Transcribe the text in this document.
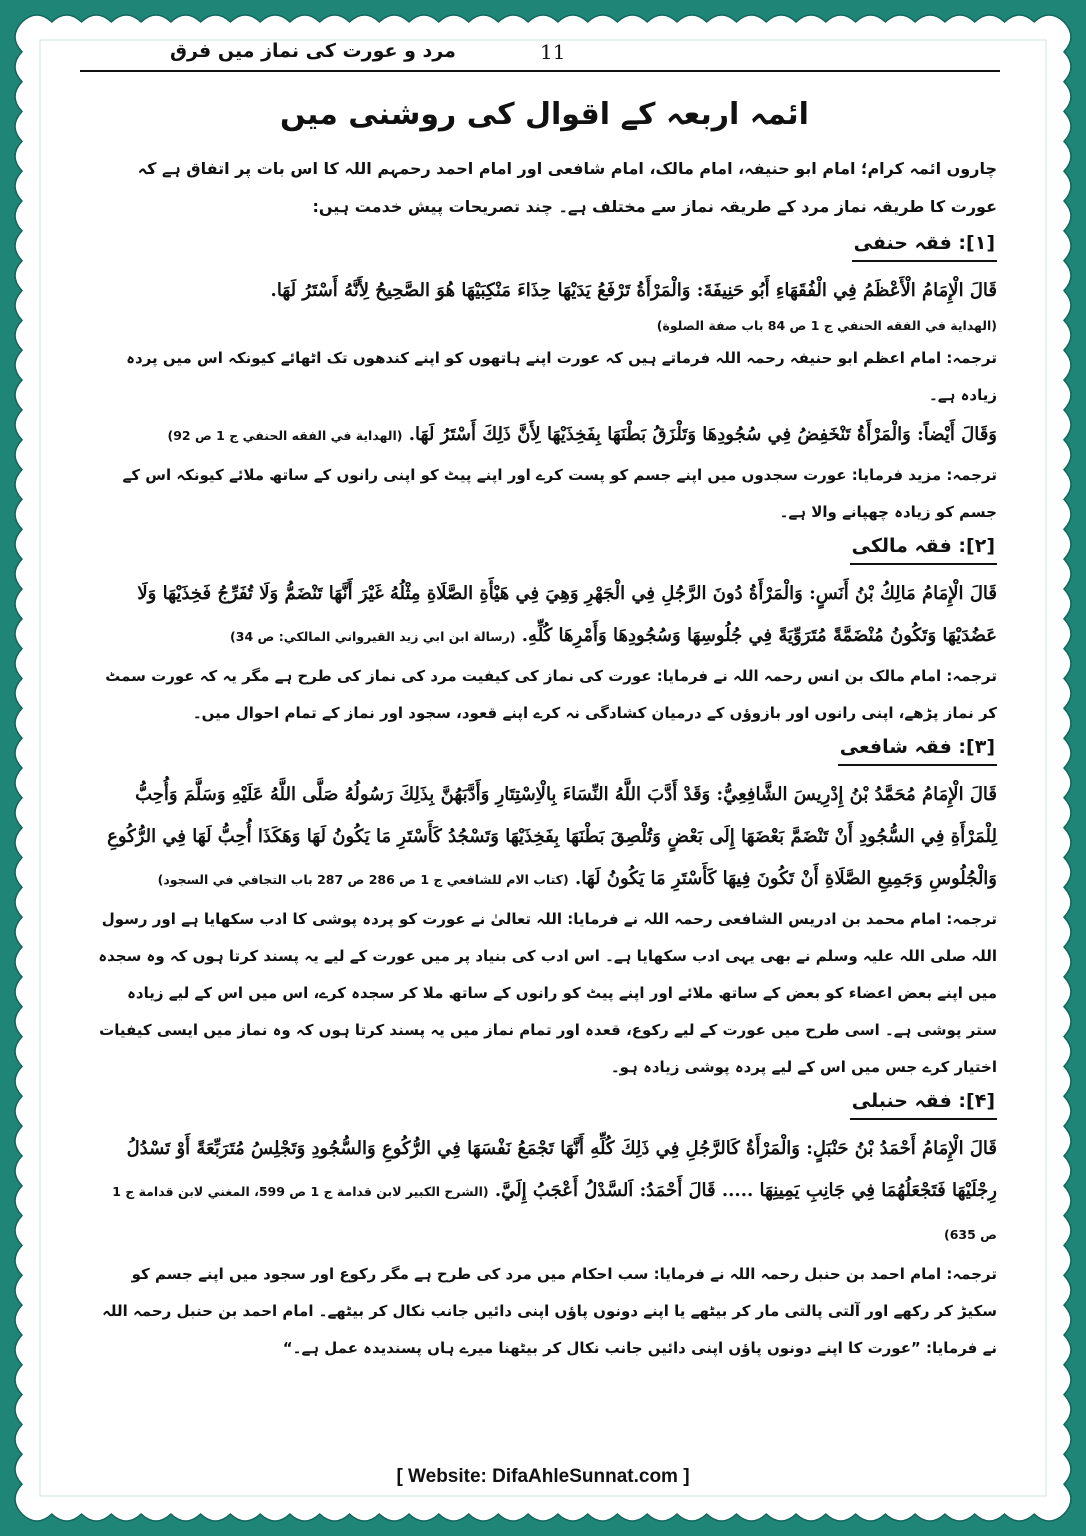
مرد و عورت کی نماز میں فرق	11
ائمہ اربعہ کے اقوال کی روشنی میں

چاروں ائمہ کرام؛ امام ابو حنیفہ، امام مالک، امام شافعی اور امام احمد رحمہم اللہ کا اس بات پر اتفاق ہے کہ عورت کا طریقہ نماز مرد کے طریقہ نماز سے مختلف ہے۔ چند تصریحات پیش خدمت ہیں:

[۱]: فقہ حنفی

قَالَ الْإِمَامُ الْأَعْظَمُ فِي الْفُقَهَاءِ أَبُو حَنِيفَةَ: وَالْمَرْأَةُ تَرْفَعُ يَدَيْهَا حِذَاءَ مَنْكِبَيْهَا هُوَ الصَّحِيحُ لِأَنَّهُ أَسْتَرُ لَهَا.

(الهداية في الفقه الحنفي ج 1 ص 84 باب صفة الصلوة)

ترجمہ: امام اعظم ابو حنیفہ رحمہ اللہ فرماتے ہیں کہ عورت اپنے ہاتھوں کو اپنے کندھوں تک اٹھائے کیونکہ اس میں پردہ زیادہ ہے۔

وَقَالَ أَيْضاً: وَالْمَرْأَةُ تَنْخَفِضُ فِي سُجُودِهَا وَتَلْزَقُ بَطْنَهَا بِفَخِذَيْهَا لِأَنَّ ذَلِكَ أَسْتَرُ لَهَا. (الهداية في الفقه الحنفي ج 1 ص 92)

ترجمہ: مزید فرمایا: عورت سجدوں میں اپنے جسم کو پست کرے اور اپنے پیٹ کو اپنی رانوں کے ساتھ ملائے کیونکہ اس کے جسم کو زیادہ چھپانے والا ہے۔

[۲]: فقہ مالکی

قَالَ الْإِمَامُ مَالِكُ بْنُ أَنَسٍ: وَالْمَرْأَةُ دُونَ الرَّجُلِ فِي الْجَهْرِ وَهِيَ فِي هَيْأَةِ الصَّلَاةِ مِثْلُهُ غَيْرَ أَنَّهَا تَنْضَمُّ وَلَا تُفَرِّجُ فَخِذَيْهَا وَلَا عَضُدَيْهَا وَتَكُونُ مُنْضَمَّةً مُتَرَوِّيَةً فِي جُلُوسِهَا وَسُجُودِهَا وَأَمْرِهَا كُلِّهِ. (رسالة ابن ابي زيد القيرواني المالكي: ص 34)

ترجمہ: امام مالک بن انس رحمہ اللہ نے فرمایا: عورت کی نماز کی کیفیت مرد کی نماز کی طرح ہے مگر یہ کہ عورت سمٹ کر نماز پڑھے، اپنی رانوں اور بازوؤں کے درمیان کشادگی نہ کرے اپنے قعود، سجود اور نماز کے تمام احوال میں۔

[۳]: فقہ شافعی

قَالَ الْإِمَامُ مُحَمَّدُ بْنُ إِدْرِيسَ الشَّافِعِيُّ: وَقَدْ أَدَّبَ اللَّهُ النِّسَاءَ بِالْاِسْتِتَارِ وَأَدَّبَهُنَّ بِذَلِكَ رَسُولُهُ صَلَّى اللَّهُ عَلَيْهِ وَسَلَّمَ وَأُحِبُّ لِلْمَرْأَةِ فِي السُّجُودِ أَنْ تَنْضَمَّ بَعْضَهَا إِلَى بَعْضٍ وَتُلْصِقَ بَطْنَهَا بِفَخِذَيْهَا وَتَسْجُدُ كَأَسْتَرِ مَا يَكُونُ لَهَا وَهَكَذَا أُحِبُّ لَهَا فِي الرُّكُوعِ وَالْجُلُوسِ وَجَمِيعِ الصَّلَاةِ أَنْ تَكُونَ فِيهَا كَأَسْتَرِ مَا يَكُونُ لَهَا. (كتاب الام للشافعي ج 1 ص 286 ص 287 باب التجافي في السجود)

ترجمہ: امام محمد بن ادریس الشافعی رحمہ اللہ نے فرمایا: اللہ تعالیٰ نے عورت کو پردہ پوشی کا ادب سکھایا ہے اور رسول اللہ صلی اللہ علیہ وسلم نے بھی یہی ادب سکھایا ہے۔ اس ادب کی بنیاد پر میں عورت کے لیے یہ پسند کرتا ہوں کہ وہ سجدہ میں اپنے بعض اعضاء کو بعض کے ساتھ ملائے اور اپنے پیٹ کو رانوں کے ساتھ ملا کر سجدہ کرے، اس میں اس کے لیے زیادہ ستر پوشی ہے۔ اسی طرح میں عورت کے لیے رکوع، قعدہ اور تمام نماز میں یہ پسند کرتا ہوں کہ وہ نماز میں ایسی کیفیات اختیار کرے جس میں اس کے لیے پردہ پوشی زیادہ ہو۔

[۴]: فقہ حنبلی

قَالَ الْإِمَامُ أَحْمَدُ بْنُ حَنْبَلٍ: وَالْمَرْأَةُ كَالرَّجُلِ فِي ذَلِكَ كُلِّهِ أَنَّهَا تَجْمَعُ نَفْسَهَا فِي الرُّكُوعِ وَالسُّجُودِ وَتَجْلِسُ مُتَرَبِّعَةً أَوْ تَسْدُلُ رِجْلَيْهَا فَتَجْعَلُهُمَا فِي جَانِبِ يَمِينِهَا ..... قَالَ أَحْمَدُ: اَلسَّدْلُ أَعْجَبُ إِلَيَّ. (الشرح الكبير لابن قدامة ج 1 ص 599، المغني لابن قدامة ج 1 ص 635)

ترجمہ: امام احمد بن حنبل رحمہ اللہ نے فرمایا: سب احکام میں مرد کی طرح ہے مگر رکوع اور سجود میں اپنے جسم کو سکیڑ کر رکھے اور آلتی پالتی مار کر بیٹھے یا اپنے دونوں پاؤں اپنی دائیں جانب نکال کر بیٹھے۔ امام احمد بن حنبل رحمہ اللہ نے فرمایا: ”عورت کا اپنے دونوں پاؤں اپنی دائیں جانب نکال کر بیٹھنا میرے ہاں پسندیدہ عمل ہے۔“

[ Website: DifaAhleSunnat.com ]
